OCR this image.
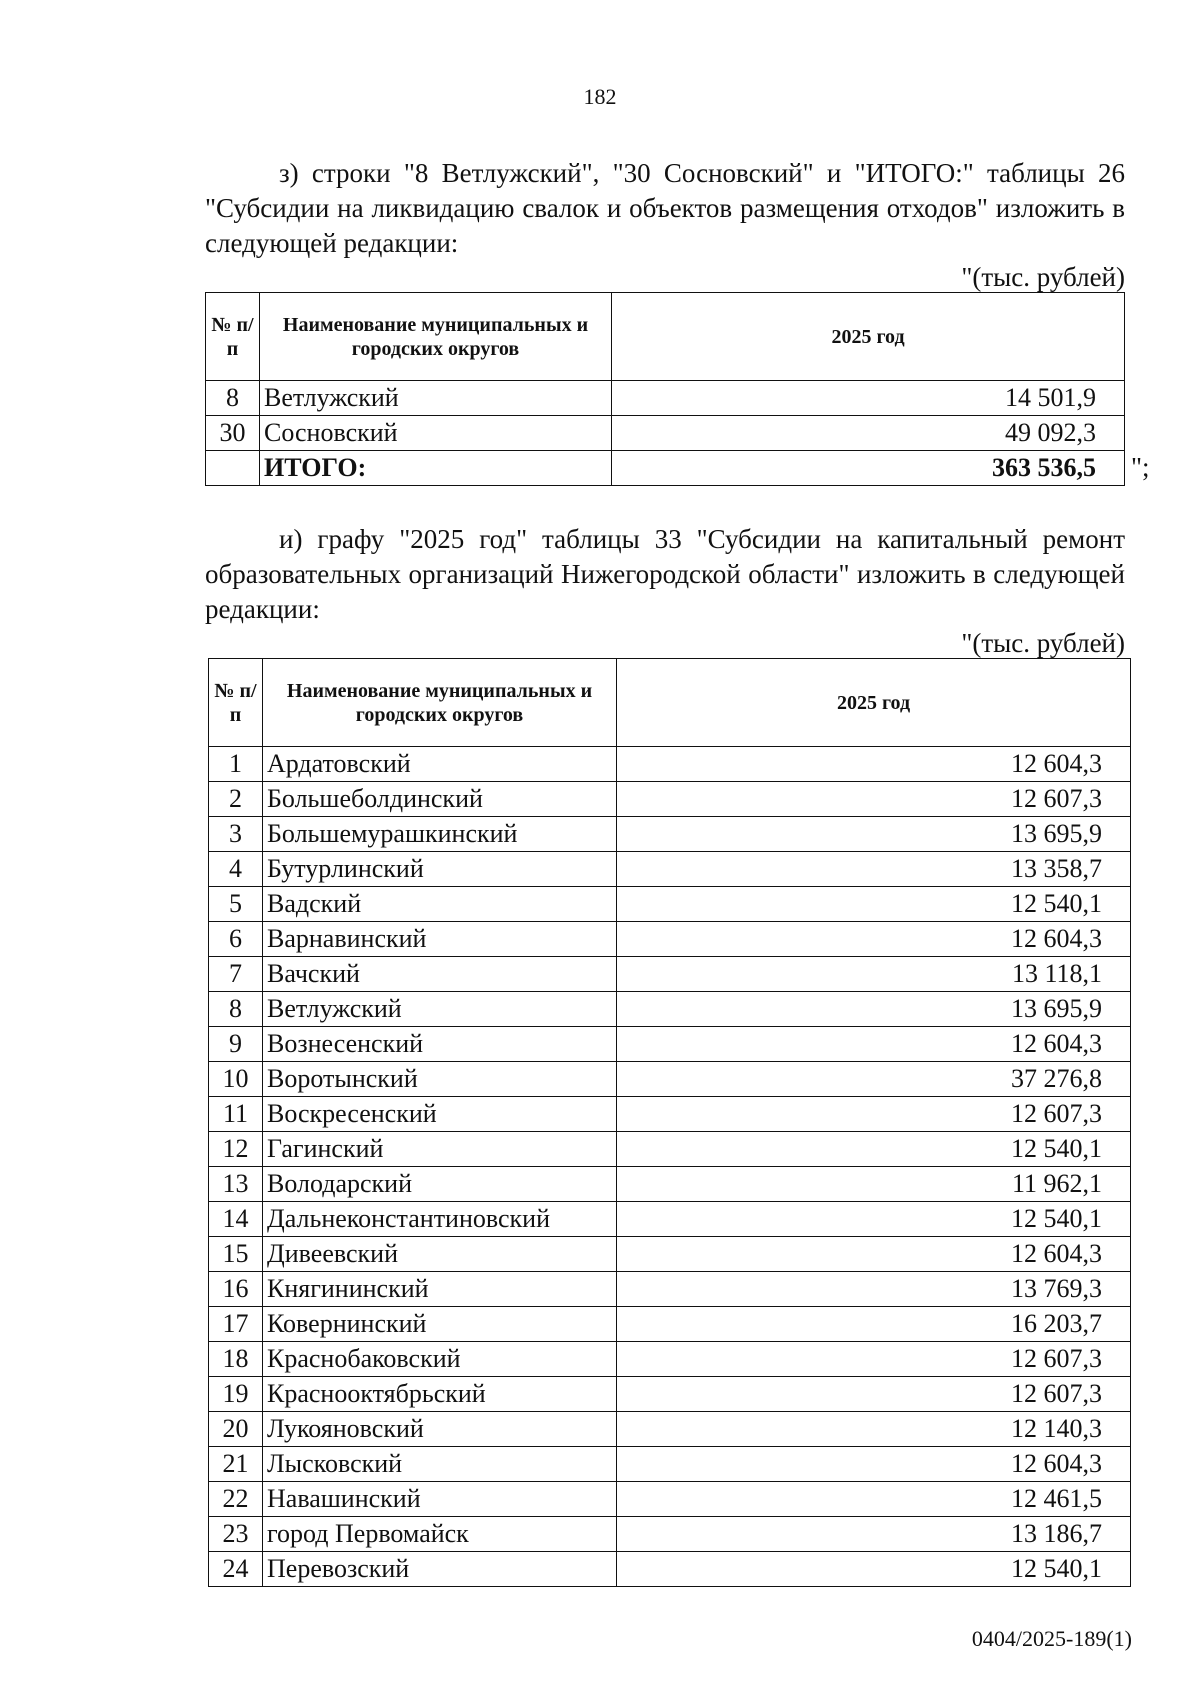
182

з) строки "8 Ветлужский", "30 Сосновский" и "ИТОГО:" таблицы 26 "Субсидии на ликвидацию свалок и объектов размещения отходов" изложить в следующей редакции:

"(тыс. рублей)
№ п/п	Наименование муниципальных и городских округов	2025 год
8	Ветлужский	14 501,9
30	Сосновский	49 092,3
	ИТОГО:	363 536,5 ";

и) графу "2025 год" таблицы 33 "Субсидии на капитальный ремонт образовательных организаций Нижегородской области" изложить в следующей редакции:

"(тыс. рублей)
№ п/п	Наименование муниципальных и городских округов	2025 год
1	Ардатовский	12 604,3
2	Большеболдинский	12 607,3
3	Большемурашкинский	13 695,9
4	Бутурлинский	13 358,7
5	Вадский	12 540,1
6	Варнавинский	12 604,3
7	Вачский	13 118,1
8	Ветлужский	13 695,9
9	Вознесенский	12 604,3
10	Воротынский	37 276,8
11	Воскресенский	12 607,3
12	Гагинский	12 540,1
13	Володарский	11 962,1
14	Дальнеконстантиновский	12 540,1
15	Дивеевский	12 604,3
16	Княгининский	13 769,3
17	Ковернинский	16 203,7
18	Краснобаковский	12 607,3
19	Краснооктябрьский	12 607,3
20	Лукояновский	12 140,3
21	Лысковский	12 604,3
22	Навашинский	12 461,5
23	город Первомайск	13 186,7
24	Перевозский	12 540,1
0404/2025-189(1)
